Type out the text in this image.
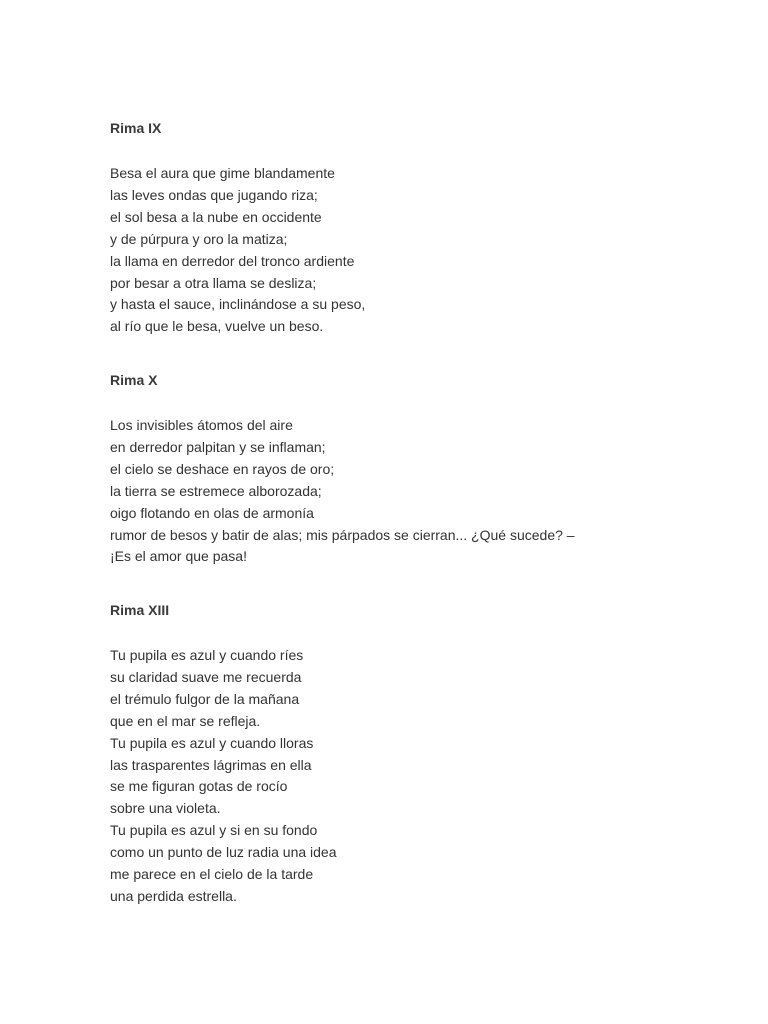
Rima IX

Besa el aura que gime blandamente

las leves ondas que jugando riza;

el sol besa a la nube en occidente

y de púrpura y oro la matiza;

la llama en derredor del tronco ardiente

por besar a otra llama se desliza;

y hasta el sauce, inclinándose a su peso,

al río que le besa, vuelve un beso.

Rima X

Los invisibles átomos del aire

en derredor palpitan y se inflaman;

el cielo se deshace en rayos de oro;

la tierra se estremece alborozada;

oigo flotando en olas de armonía

rumor de besos y batir de alas; mis párpados se cierran... ¿Qué sucede? –

¡Es el amor que pasa!

Rima XIII

Tu pupila es azul y cuando ríes

su claridad suave me recuerda

el trémulo fulgor de la mañana

que en el mar se refleja.

Tu pupila es azul y cuando lloras

las trasparentes lágrimas en ella

se me figuran gotas de rocío

sobre una violeta.

Tu pupila es azul y si en su fondo

como un punto de luz radia una idea

me parece en el cielo de la tarde

una perdida estrella.
